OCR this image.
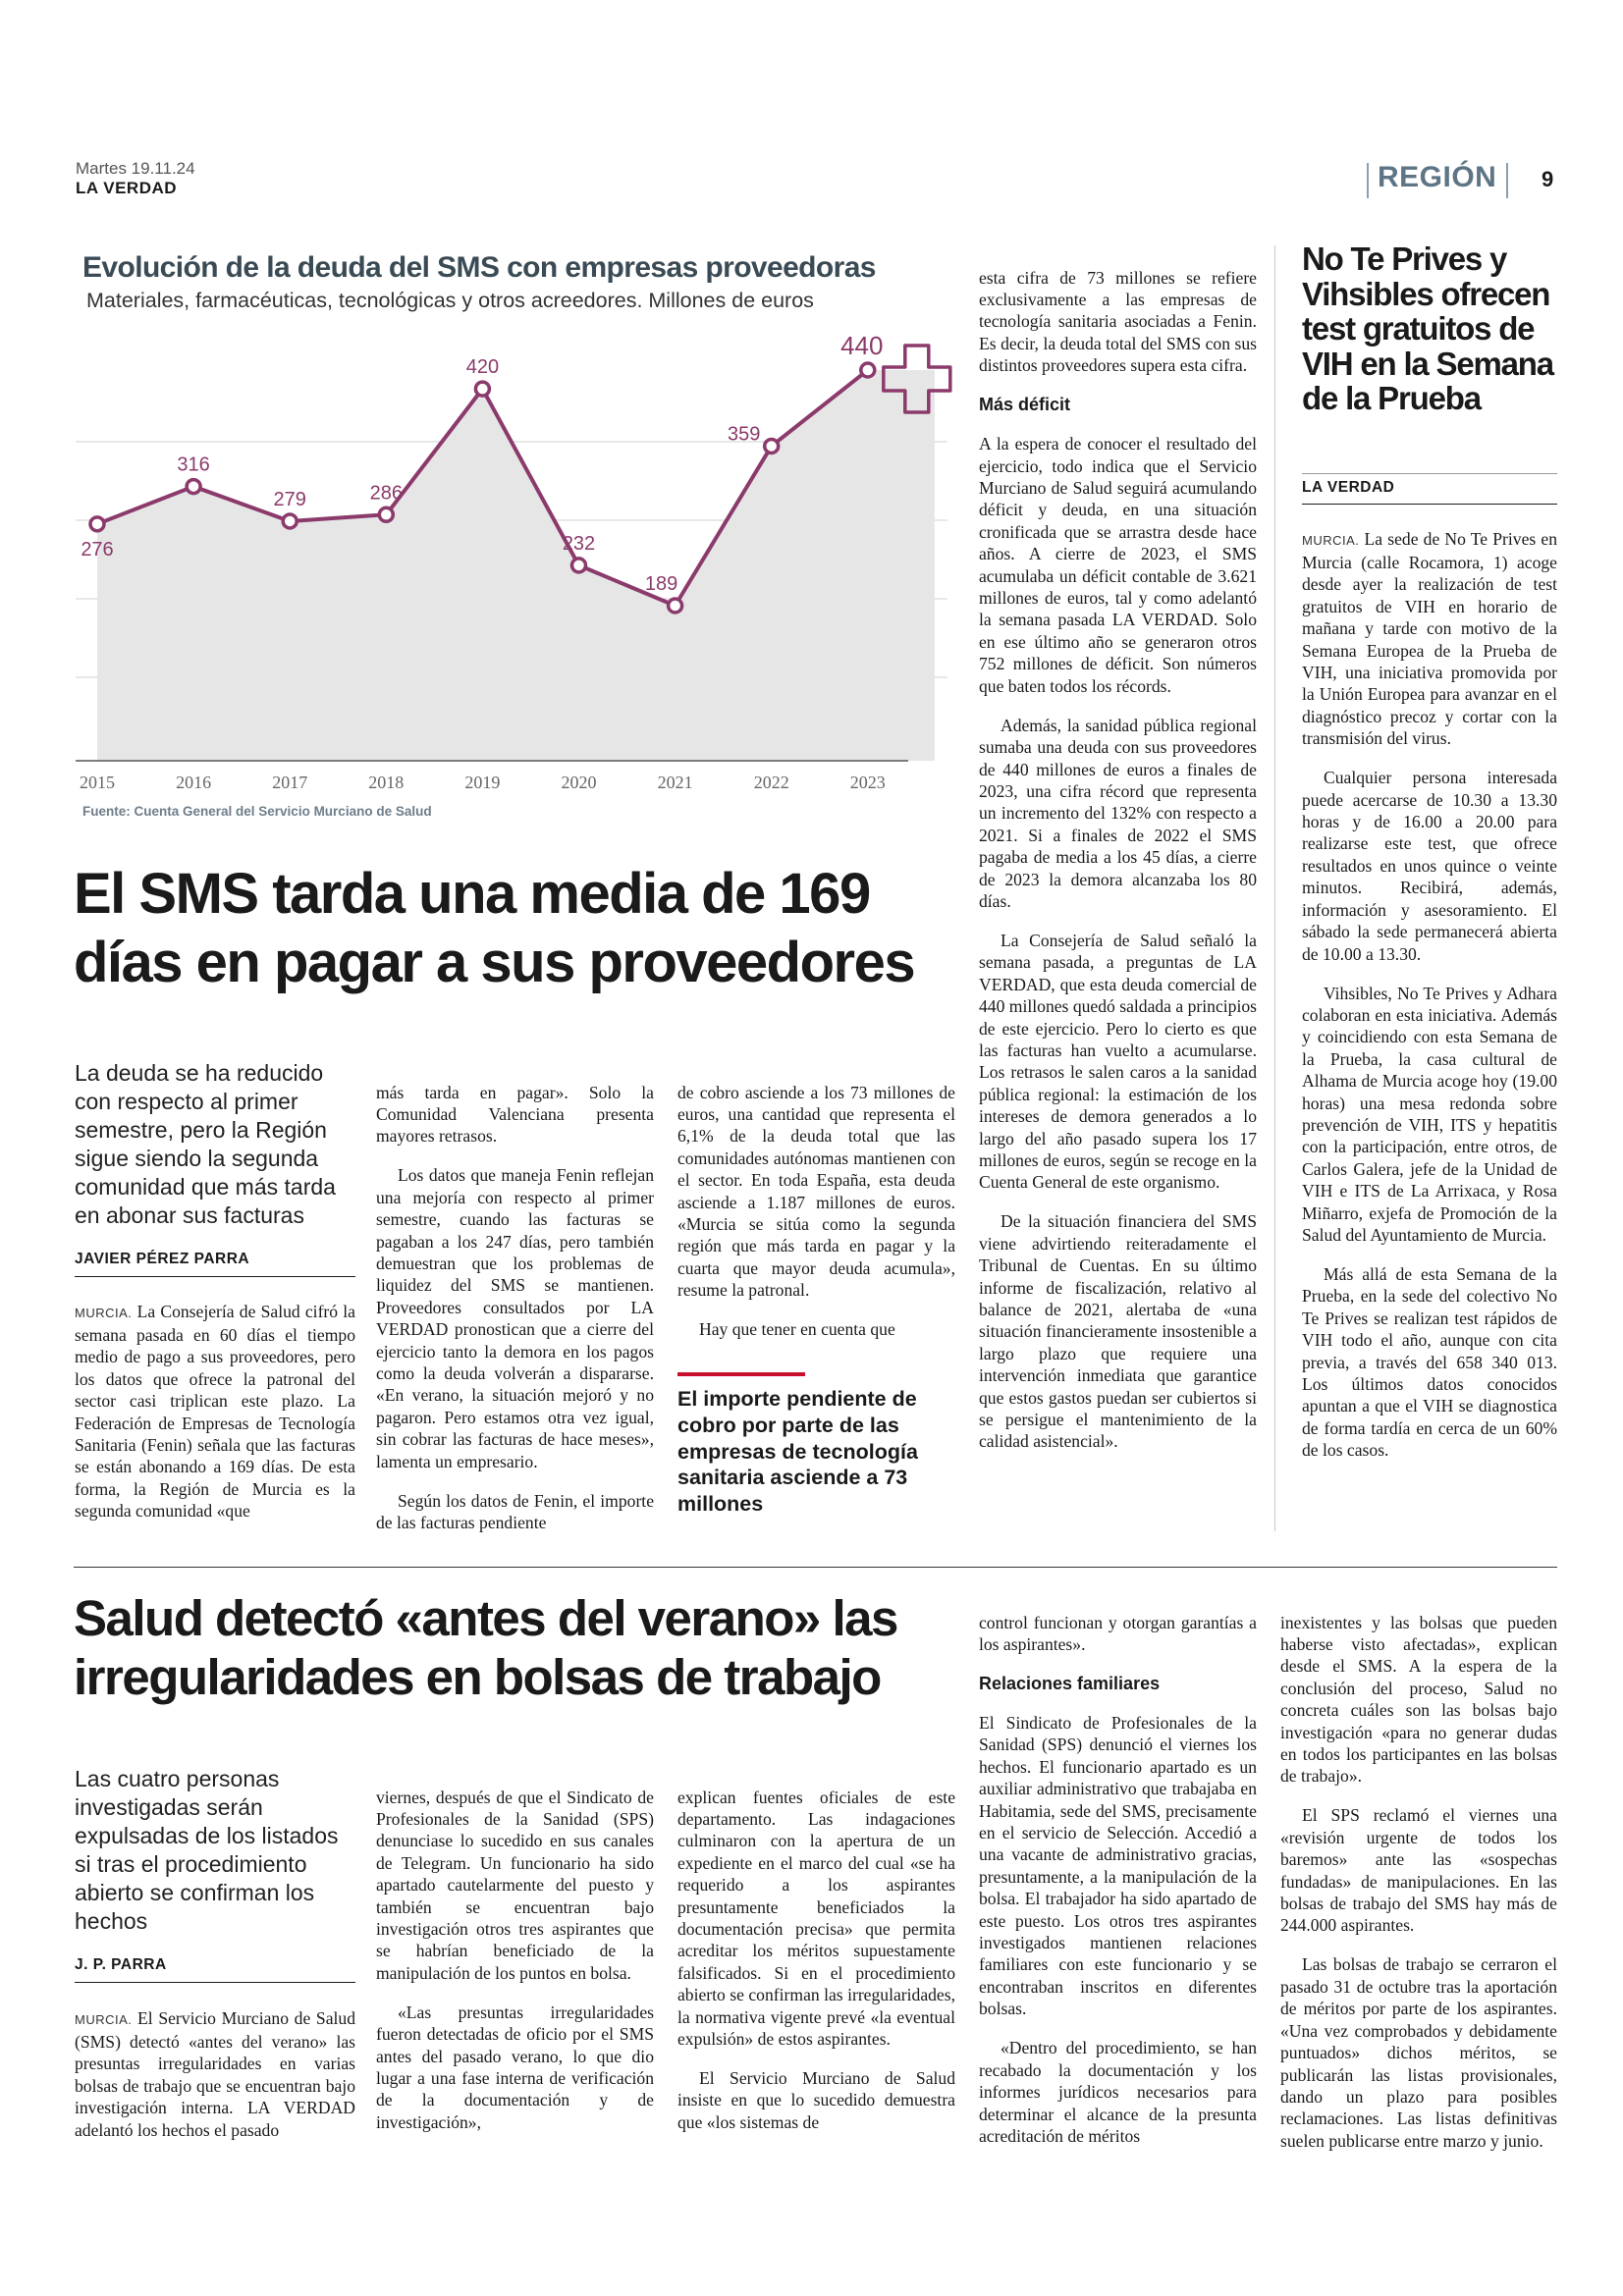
Martes 19.11.24
LA VERDAD	REGIÓN 9
Evolución de la deuda del SMS con empresas proveedoras
Materiales, farmacéuticas, tecnológicas y otros acreedores. Millones de euros
276
316
279	286
420
232
189
359
440
2015	2016	2017	2018	2019	2020	2021	2022	2023
Fuente: Cuenta General del Servicio Murciano de Salud
El SMS tarda una media de 169
días en pagar a sus proveedores
La deuda se ha reducido con respecto al primer semestre, pero la Región sigue siendo la segunda comunidad que más tarda en abonar sus facturas
JAVIER PÉREZ PARRA

MURCIA. La Consejería de Salud cifró la semana pasada en 60 días el tiempo medio de pago a sus proveedores, pero los datos que ofrece la patronal del sector casi triplican este plazo. La Federación de Empresas de Tecnología Sanitaria (Fenin) señala que las facturas se están abonando a 169 días. De esta forma, la Región de Murcia es la segunda comunidad «que

más tarda en pagar». Solo la Comunidad Valenciana presenta mayores retrasos.

Los datos que maneja Fenin reflejan una mejoría con respecto al primer semestre, cuando las facturas se pagaban a los 247 días, pero también demuestran que los problemas de liquidez del SMS se mantienen. Proveedores consultados por LA VERDAD pronostican que a cierre del ejercicio tanto la demora en los pagos como la deuda volverán a dispararse. «En verano, la situación mejoró y no pagaron. Pero estamos otra vez igual, sin cobrar las facturas de hace meses», lamenta un empresario.

Según los datos de Fenin, el importe de las facturas pendiente

de cobro asciende a los 73 millones de euros, una cantidad que representa el 6,1% de la deuda total que las comunidades autónomas mantienen con el sector. En toda España, esta deuda asciende a 1.187 millones de euros. «Murcia se sitúa como la segunda región que más tarda en pagar y la cuarta que mayor deuda acumula», resume la patronal.

Hay que tener en cuenta que

El importe pendiente de cobro por parte de las empresas de tecnología sanitaria asciende a 73 millones

esta cifra de 73 millones se refiere exclusivamente a las empresas de tecnología sanitaria asociadas a Fenin. Es decir, la deuda total del SMS con sus distintos proveedores supera esta cifra.

Más déficit

A la espera de conocer el resultado del ejercicio, todo indica que el Servicio Murciano de Salud seguirá acumulando déficit y deuda, en una situación cronificada que se arrastra desde hace años. A cierre de 2023, el SMS acumulaba un déficit contable de 3.621 millones de euros, tal y como adelantó la semana pasada LA VERDAD. Solo en ese último año se generaron otros 752 millones de déficit. Son números que baten todos los récords.

Además, la sanidad pública regional sumaba una deuda con sus proveedores de 440 millones de euros a finales de 2023, una cifra récord que representa un incremento del 132% con respecto a 2021. Si a finales de 2022 el SMS pagaba de media a los 45 días, a cierre de 2023 la demora alcanzaba los 80 días.

La Consejería de Salud señaló la semana pasada, a preguntas de LA VERDAD, que esta deuda comercial de 440 millones quedó saldada a principios de este ejercicio. Pero lo cierto es que las facturas han vuelto a acumularse. Los retrasos le salen caros a la sanidad pública regional: la estimación de los intereses de demora generados a lo largo del año pasado supera los 17 millones de euros, según se recoge en la Cuenta General de este organismo.

De la situación financiera del SMS viene advirtiendo reiteradamente el Tribunal de Cuentas. En su último informe de fiscalización, relativo al balance de 2021, alertaba de «una situación financieramente insostenible a largo plazo que requiere una intervención inmediata que garantice que estos gastos puedan ser cubiertos si se persigue el mantenimiento de la calidad asistencial».

No Te Prives y
Vihsibles ofrecen
test gratuitos de
VIH en la Semana
de la Prueba
LA VERDAD

MURCIA. La sede de No Te Prives en Murcia (calle Rocamora, 1) acoge desde ayer la realización de test gratuitos de VIH en horario de mañana y tarde con motivo de la Semana Europea de la Prueba de VIH, una iniciativa promovida por la Unión Europea para avanzar en el diagnóstico precoz y cortar con la transmisión del virus.

Cualquier persona interesada puede acercarse de 10.30 a 13.30 horas y de 16.00 a 20.00 para realizarse este test, que ofrece resultados en unos quince o veinte minutos. Recibirá, además, información y asesoramiento. El sábado la sede permanecerá abierta de 10.00 a 13.30.

Vihsibles, No Te Prives y Adhara colaboran en esta iniciativa. Además y coincidiendo con esta Semana de la Prueba, la casa cultural de Alhama de Murcia acoge hoy (19.00 horas) una mesa redonda sobre prevención de VIH, ITS y hepatitis con la participación, entre otros, de Carlos Galera, jefe de la Unidad de VIH e ITS de La Arrixaca, y Rosa Miñarro, exjefa de Promoción de la Salud del Ayuntamiento de Murcia.

Más allá de esta Semana de la Prueba, en la sede del colectivo No Te Prives se realizan test rápidos de VIH todo el año, aunque con cita previa, a través del 658 340 013. Los últimos datos conocidos apuntan a que el VIH se diagnostica de forma tardía en cerca de un 60% de los casos.

Salud detectó «antes del verano» las
irregularidades en bolsas de trabajo
Las cuatro personas investigadas serán expulsadas de los listados si tras el procedimiento abierto se confirman los hechos
J. P. PARRA

MURCIA. El Servicio Murciano de Salud (SMS) detectó «antes del verano» las presuntas irregularidades en varias bolsas de trabajo que se encuentran bajo investigación interna. LA VERDAD adelantó los hechos el pasado

viernes, después de que el Sindicato de Profesionales de la Sanidad (SPS) denunciase lo sucedido en sus canales de Telegram. Un funcionario ha sido apartado cautelarmente del puesto y también se encuentran bajo investigación otros tres aspirantes que se habrían beneficiado de la manipulación de los puntos en bolsa.

«Las presuntas irregularidades fueron detectadas de oficio por el SMS antes del pasado verano, lo que dio lugar a una fase interna de verificación de la documentación y de investigación»,

explican fuentes oficiales de este departamento. Las indagaciones culminaron con la apertura de un expediente en el marco del cual «se ha requerido a los aspirantes presuntamente beneficiados la documentación precisa» que permita acreditar los méritos supuestamente falsificados. Si en el procedimiento abierto se confirman las irregularidades, la normativa vigente prevé «la eventual expulsión» de estos aspirantes.

El Servicio Murciano de Salud insiste en que lo sucedido demuestra que «los sistemas de

control funcionan y otorgan garantías a los aspirantes».

Relaciones familiares

El Sindicato de Profesionales de la Sanidad (SPS) denunció el viernes los hechos. El funcionario apartado es un auxiliar administrativo que trabajaba en Habitamia, sede del SMS, precisamente en el servicio de Selección. Accedió a una vacante de administrativo gracias, presuntamente, a la manipulación de la bolsa. El trabajador ha sido apartado de este puesto. Los otros tres aspirantes investigados mantienen relaciones familiares con este funcionario y se encontraban inscritos en diferentes bolsas.

«Dentro del procedimiento, se han recabado la documentación y los informes jurídicos necesarios para determinar el alcance de la presunta acreditación de méritos

inexistentes y las bolsas que pueden haberse visto afectadas», explican desde el SMS. A la espera de la conclusión del proceso, Salud no concreta cuáles son las bolsas bajo investigación «para no generar dudas en todos los participantes en las bolsas de trabajo».

El SPS reclamó el viernes una «revisión urgente de todos los baremos» ante las «sospechas fundadas» de manipulaciones. En las bolsas de trabajo del SMS hay más de 244.000 aspirantes.

Las bolsas de trabajo se cerraron el pasado 31 de octubre tras la aportación de méritos por parte de los aspirantes. «Una vez comprobados y debidamente puntuados» dichos méritos, se publicarán las listas provisionales, dando un plazo para posibles reclamaciones. Las listas definitivas suelen publicarse entre marzo y junio.
